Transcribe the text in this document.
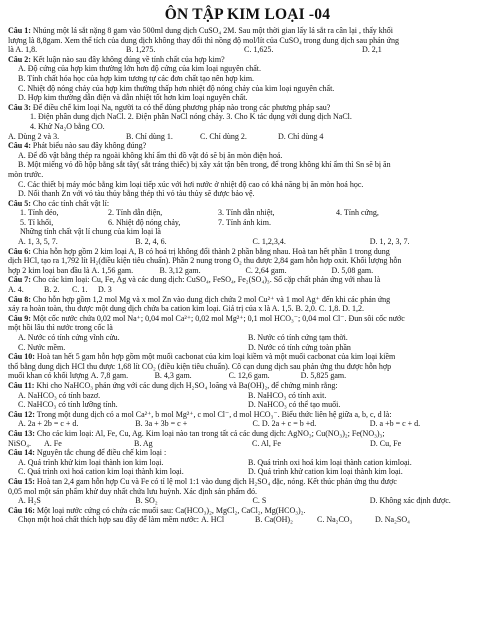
ÔN TẬP KIM LOẠI -04
Câu 1: Nhúng một lá sắt nặng 8 gam vào 500ml dung dịch CuSO₄ 2M. Sau một thời gian lấy lá sắt ra cân lại , thấy khối
lượng là 8,8gam. Xem thể tích của dung dịch không thay đổi thì nồng độ mol/lít của CuSO₄ trong dung dịch sau phản ứng
là A. 1,8.	B. 1,275.	C. 1,625.	D. 2,1
Câu 2: Kết luận nào sau đây không đúng về tính chất của hợp kim?
A. Độ cứng của hợp kim thường lớn hơn độ cứng của kim loại nguyên chất.
B. Tính chất hóa học của hợp kim tương tự các đơn chất tạo nên hợp kim.
C. Nhiệt độ nóng chảy của hợp kim thường thấp hơn nhiệt độ nóng chảy của kim loại nguyên chất.
D. Hợp kim thường dẫn điện và dẫn nhiệt tốt hơn kim loại nguyên chất.
Câu 3: Để điều chế kim loại Na, người ta có thể dùng phương pháp nào trong các phương pháp sau?
1. Điện phân dung dịch NaCl. 2. Điện phân NaCl nóng chảy. 3. Cho K tác dụng với dung dịch NaCl.
4. Khử Na₂O bằng CO.
A. Dùng 2 và 3.	B. Chỉ dùng 1.	C. Chỉ dùng 2.	D. Chỉ dùng 4
Câu 4: Phát biểu nào sau đây không đúng?
A. Để đồ vật bằng thép ra ngoài không khí ẩm thì đồ vật đó sẽ bị ăn mòn điện hoá.
B. Một miếng vỏ đồ hộp bằng sắt tây( sắt tráng thiếc) bị xây xát tận bên trong, để trong không khí ẩm thì Sn sẽ bị ăn
mòn trước.
C. Các thiết bị máy móc bằng kim loại tiếp xúc với hơi nước ở nhiệt độ cao có khả năng bị ăn mòn hoá học.
D. Nối thanh Zn với vỏ tàu thủy bằng thép thì vỏ tàu thủy sẽ được bảo vệ.
Câu 5: Cho các tính chất vật lí:
1. Tính dẻo,	2. Tính dẫn điện,	3. Tính dẫn nhiệt,	4. Tính cứng,
5. Tỉ khối,	6. Nhiệt độ nóng chảy,	7. Tính ánh kim.
Những tính chất vật lí chung của kim loại là
A. 1, 3, 5, 7.	B. 2, 4, 6.	C. 1,2,3,4.	D. 1, 2, 3, 7.
Câu 6: Chia hỗn hợp gồm 2 kim loại A, B có hoá trị không đổi thành 2 phần bằng nhau. Hoà tan hết phần 1 trong dung
dịch HCl, tạo ra 1,792 lít H₂(điều kiện tiêu chuẩn). Phần 2 nung trong O₂ thu được 2,84 gam hỗn hợp oxit. Khối lượng hỗn
hợp 2 kim loại ban đầu là A. 1,56 gam.	B. 3,12 gam.	C. 2,64 gam.	D. 5,08 gam.
Câu 7: Cho các kim loại: Cu, Fe, Ag và các dung dịch: CuSO₄, FeSO₄, Fe₂(SO₄)₃. Số cặp chất phản ứng với nhau là
A. 4.	B. 2.	C. 1.	D. 3
Câu 8: Cho hỗn hợp gồm 1,2 mol Mg và x mol Zn vào dung dịch chứa 2 mol Cu²⁺ và 1 mol Ag⁺ đến khi các phản ứng
xảy ra hoàn toàn, thu được một dung dịch chứa ba cation kim loại. Giá trị của x là A. 1,5. B. 2,0. C. 1,8. D. 1,2.
Câu 9: Một cốc nước chứa 0,02 mol Na⁺; 0,04 mol Ca²⁺; 0,02 mol Mg²⁺; 0,1 mol HCO₃⁻; 0,04 mol Cl⁻. Đun sôi cốc nước
một hồi lâu thì nước trong cốc là
A. Nước có tính cứng vĩnh cửu.	B. Nước có tính cứng tạm thời.
C. Nước mềm.	D. Nước có tính cứng toàn phần
Câu 10: Hoà tan hết 5 gam hỗn hợp gồm một muối cacbonat của kim loại kiềm và một muối cacbonat của kim loại kiềm
thổ bằng dung dịch HCl thu được 1,68 lít CO₂ (điều kiện tiêu chuẩn). Cô cạn dung dịch sau phản ứng thu được hỗn hợp
muối khan có khối lượng A. 7,8 gam.	B. 4,3 gam.	C. 12,6 gam.	D. 5,825 gam.
Câu 11: Khi cho NaHCO₃ phản ứng với các dung dịch H₂SO₄ loãng và Ba(OH)₂, để chứng minh rằng:
A. NaHCO₃ có tính bazơ.	B. NaHCO₃ có tính axit.
C. NaHCO₃ có tính lưỡng tính.	D. NaHCO₃ có thể tạo muối.
Câu 12: Trong một dung dịch có a mol Ca²⁺, b mol Mg²⁺, c mol Cl⁻, d mol HCO₃⁻. Biểu thức liên hệ giữa a, b, c, d là:
A. 2a + 2b = c + d.	B. 3a + 3b = c +	C. D. 2a + c = b +d.	D. a +b = c + d.
Câu 13: Cho các kim loại: Al, Fe, Cu, Ag. Kim loại nào tan trong tất cả các dung dịch: AgNO₃; Cu(NO₃)₂; Fe(NO₃)₃;
NiSO₄.	A. Fe	B. Ag	C. Al, Fe	D. Cu, Fe
Câu 14: Nguyên tắc chung để điều chế kim loại :
A. Quá trình khử kim loại thành ion kim loại.	B. Quá trình oxi hoá kim loại thành cation kimloại.
C. Quá trình oxi hoá cation kim loại thành kim loại.	D. Quá trình khử cation kim loại thành kim loại.
Câu 15: Hoà tan 2,4 gam hỗn hợp Cu và Fe có tỉ lệ mol 1:1 vào dung dịch H₂SO₄ đặc, nóng. Kết thúc phản ứng thu được
0,05 mol một sản phẩm khử duy nhất chứa lưu huỳnh. Xác định sản phẩm đó.
A. H₂S	B. SO₂	C. S	D. Không xác định được.
Câu 16: Một loại nước cứng có chứa các muối sau: Ca(HCO₃)₂, MgCl₂, CaCl₂, Mg(HCO₃)₂.
Chọn một hoá chất thích hợp sau đây để làm mềm nước: A. HCl	B. Ca(OH)₂	C. Na₂CO₃	D. Na₂SO₄
